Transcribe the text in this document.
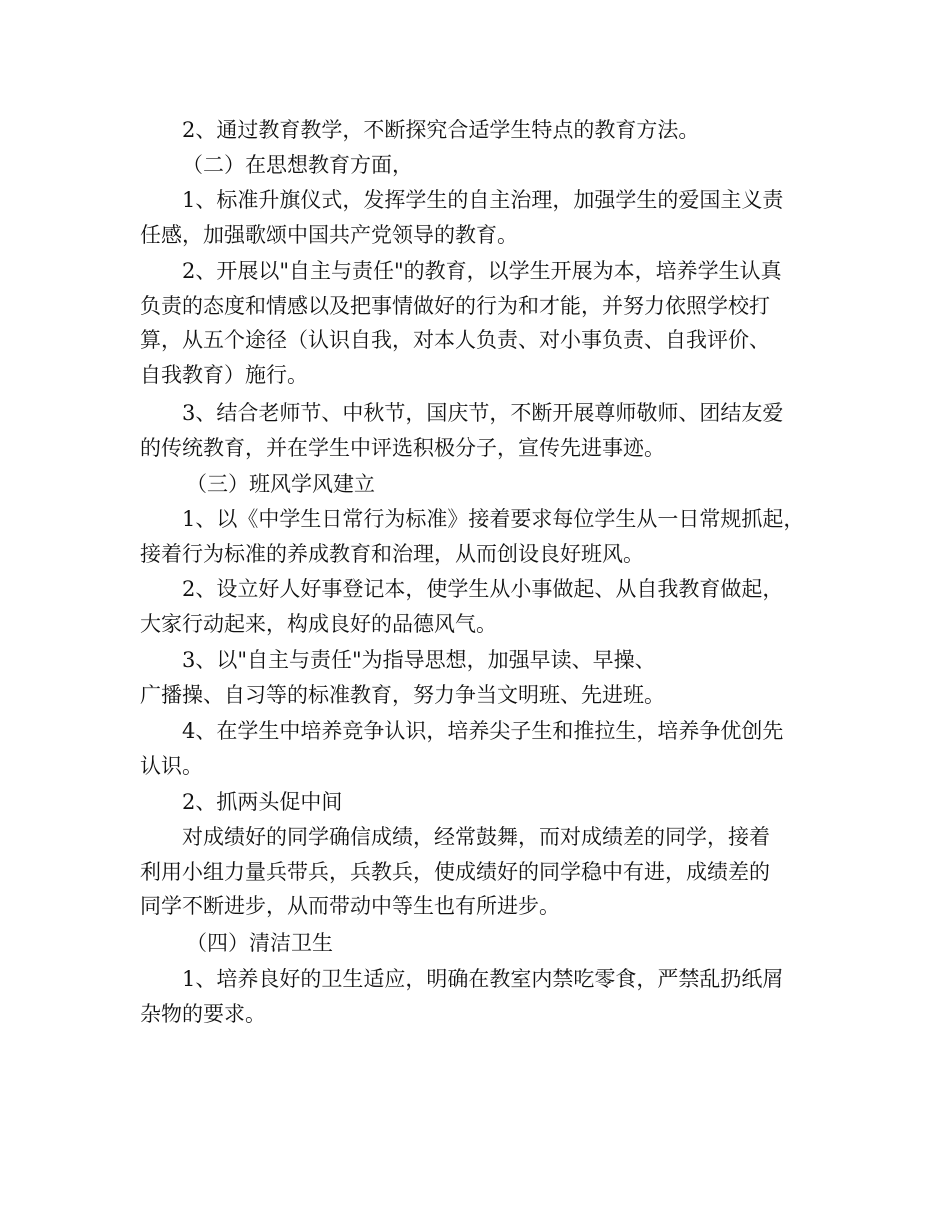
2、通过教育教学，不断探究合适学生特点的教育方法。

（二）在思想教育方面，

1、标准升旗仪式，发挥学生的自主治理，加强学生的爱国主义责
任感，加强歌颂中国共产党领导的教育。

2、开展以"自主与责任"的教育，以学生开展为本，培养学生认真
负责的态度和情感以及把事情做好的行为和才能，并努力依照学校打
算，从五个途径（认识自我，对本人负责、对小事负责、自我评价、
自我教育）施行。

3、结合老师节、中秋节，国庆节，不断开展尊师敬师、团结友爱
的传统教育，并在学生中评选积极分子，宣传先进事迹。

（三）班风学风建立

1、以《中学生日常行为标准》接着要求每位学生从一日常规抓起，
接着行为标准的养成教育和治理，从而创设良好班风。

2、设立好人好事登记本，使学生从小事做起、从自我教育做起，
大家行动起来，构成良好的品德风气。

3、以"自主与责任"为指导思想，加强早读、早操、

广播操、自习等的标准教育，努力争当文明班、先进班。

4、在学生中培养竞争认识，培养尖子生和推拉生，培养争优创先
认识。

2、抓两头促中间

对成绩好的同学确信成绩，经常鼓舞，而对成绩差的同学，接着
利用小组力量兵带兵，兵教兵，使成绩好的同学稳中有进，成绩差的
同学不断进步，从而带动中等生也有所进步。

（四）清洁卫生

1、培养良好的卫生适应，明确在教室内禁吃零食，严禁乱扔纸屑
杂物的要求。
